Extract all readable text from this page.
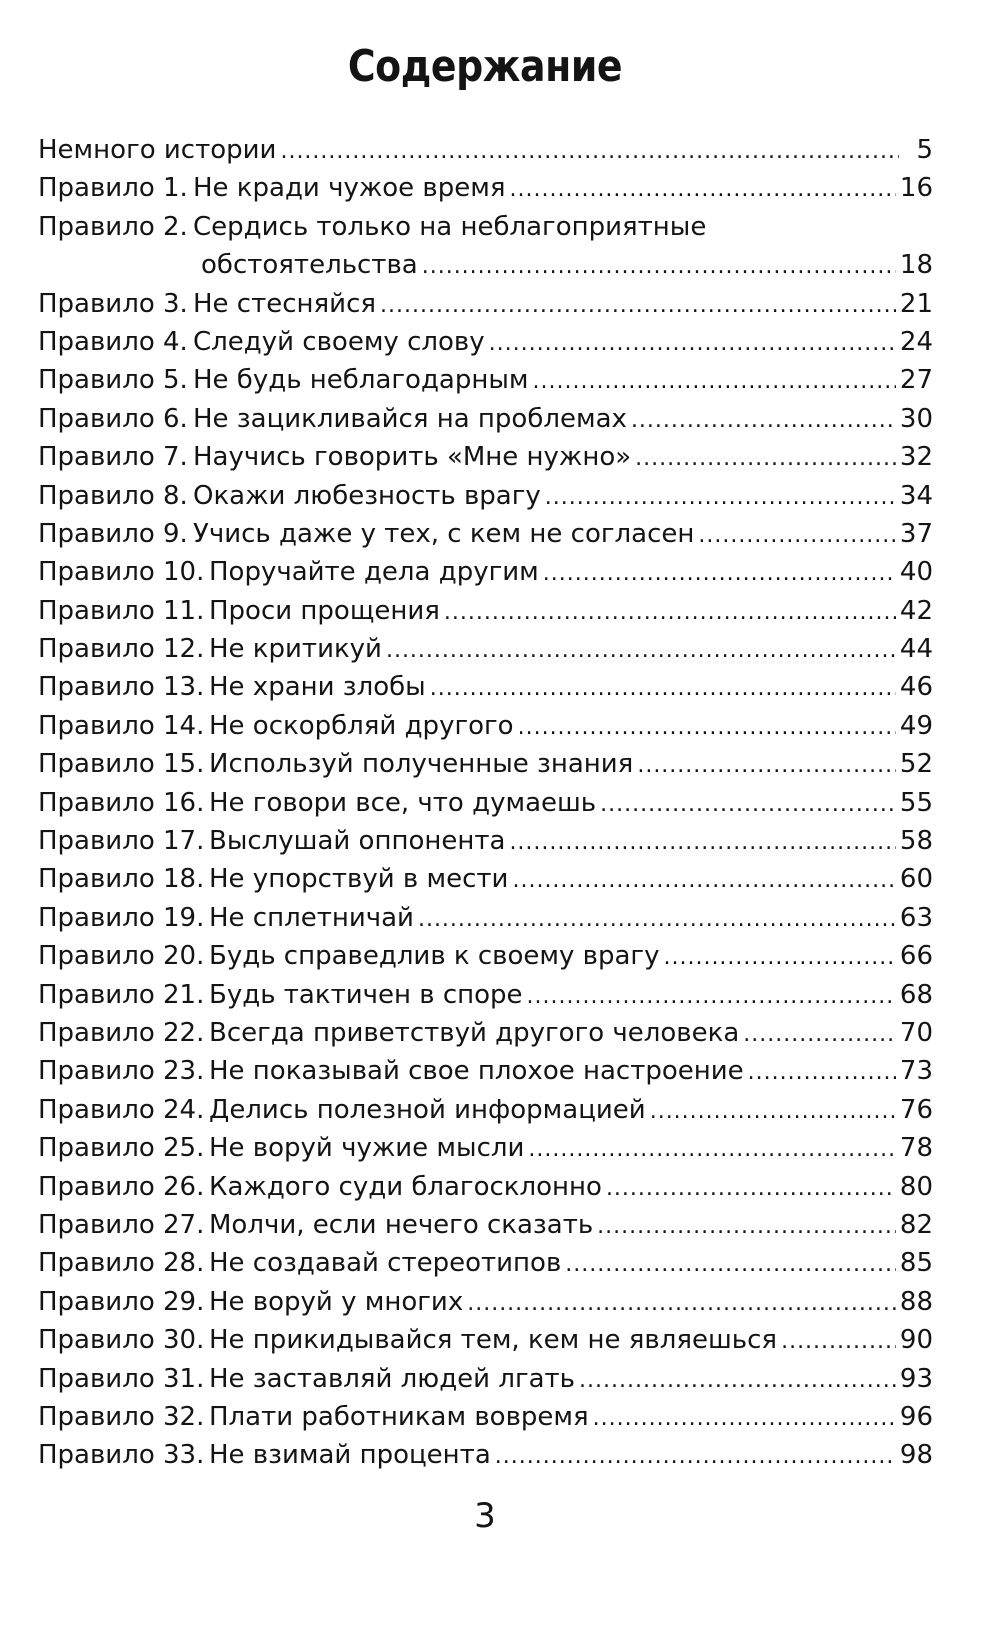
Содержание
Немного истории .....	5
Правило 1. Не кради чужое время .....	16
Правило 2. Сердись только на неблагоприятные
обстоятельства .....	18
Правило 3. Не стесняйся .....	21
Правило 4. Следуй своему слову .....	24
Правило 5. Не будь неблагодарным .....	27
Правило 6. Не зацикливайся на проблемах .....	30
Правило 7. Научись говорить «Мне нужно» .....	32
Правило 8. Окажи любезность врагу .....	34
Правило 9. Учись даже у тех, с кем не согласен .....	37
Правило 10. Поручайте дела другим .....	40
Правило 11. Проси прощения .....	42
Правило 12. Не критикуй .....	44
Правило 13. Не храни злобы .....	46
Правило 14. Не оскорбляй другого .....	49
Правило 15. Используй полученные знания .....	52
Правило 16. Не говори все, что думаешь .....	55
Правило 17. Выслушай оппонента .....	58
Правило 18. Не упорствуй в мести .....	60
Правило 19. Не сплетничай .....	63
Правило 20. Будь справедлив к своему врагу .....	66
Правило 21. Будь тактичен в споре .....	68
Правило 22. Всегда приветствуй другого человека .....	70
Правило 23. Не показывай свое плохое настроение .....	73
Правило 24. Делись полезной информацией .....	76
Правило 25. Не воруй чужие мысли .....	78
Правило 26. Каждого суди благосклонно .....	80
Правило 27. Молчи, если нечего сказать .....	82
Правило 28. Не создавай стереотипов .....	85
Правило 29. Не воруй у многих .....	88
Правило 30. Не прикидывайся тем, кем не являешься .....	90
Правило 31. Не заставляй людей лгать .....	93
Правило 32. Плати работникам вовремя .....	96
Правило 33. Не взимай процента .....	98
3
